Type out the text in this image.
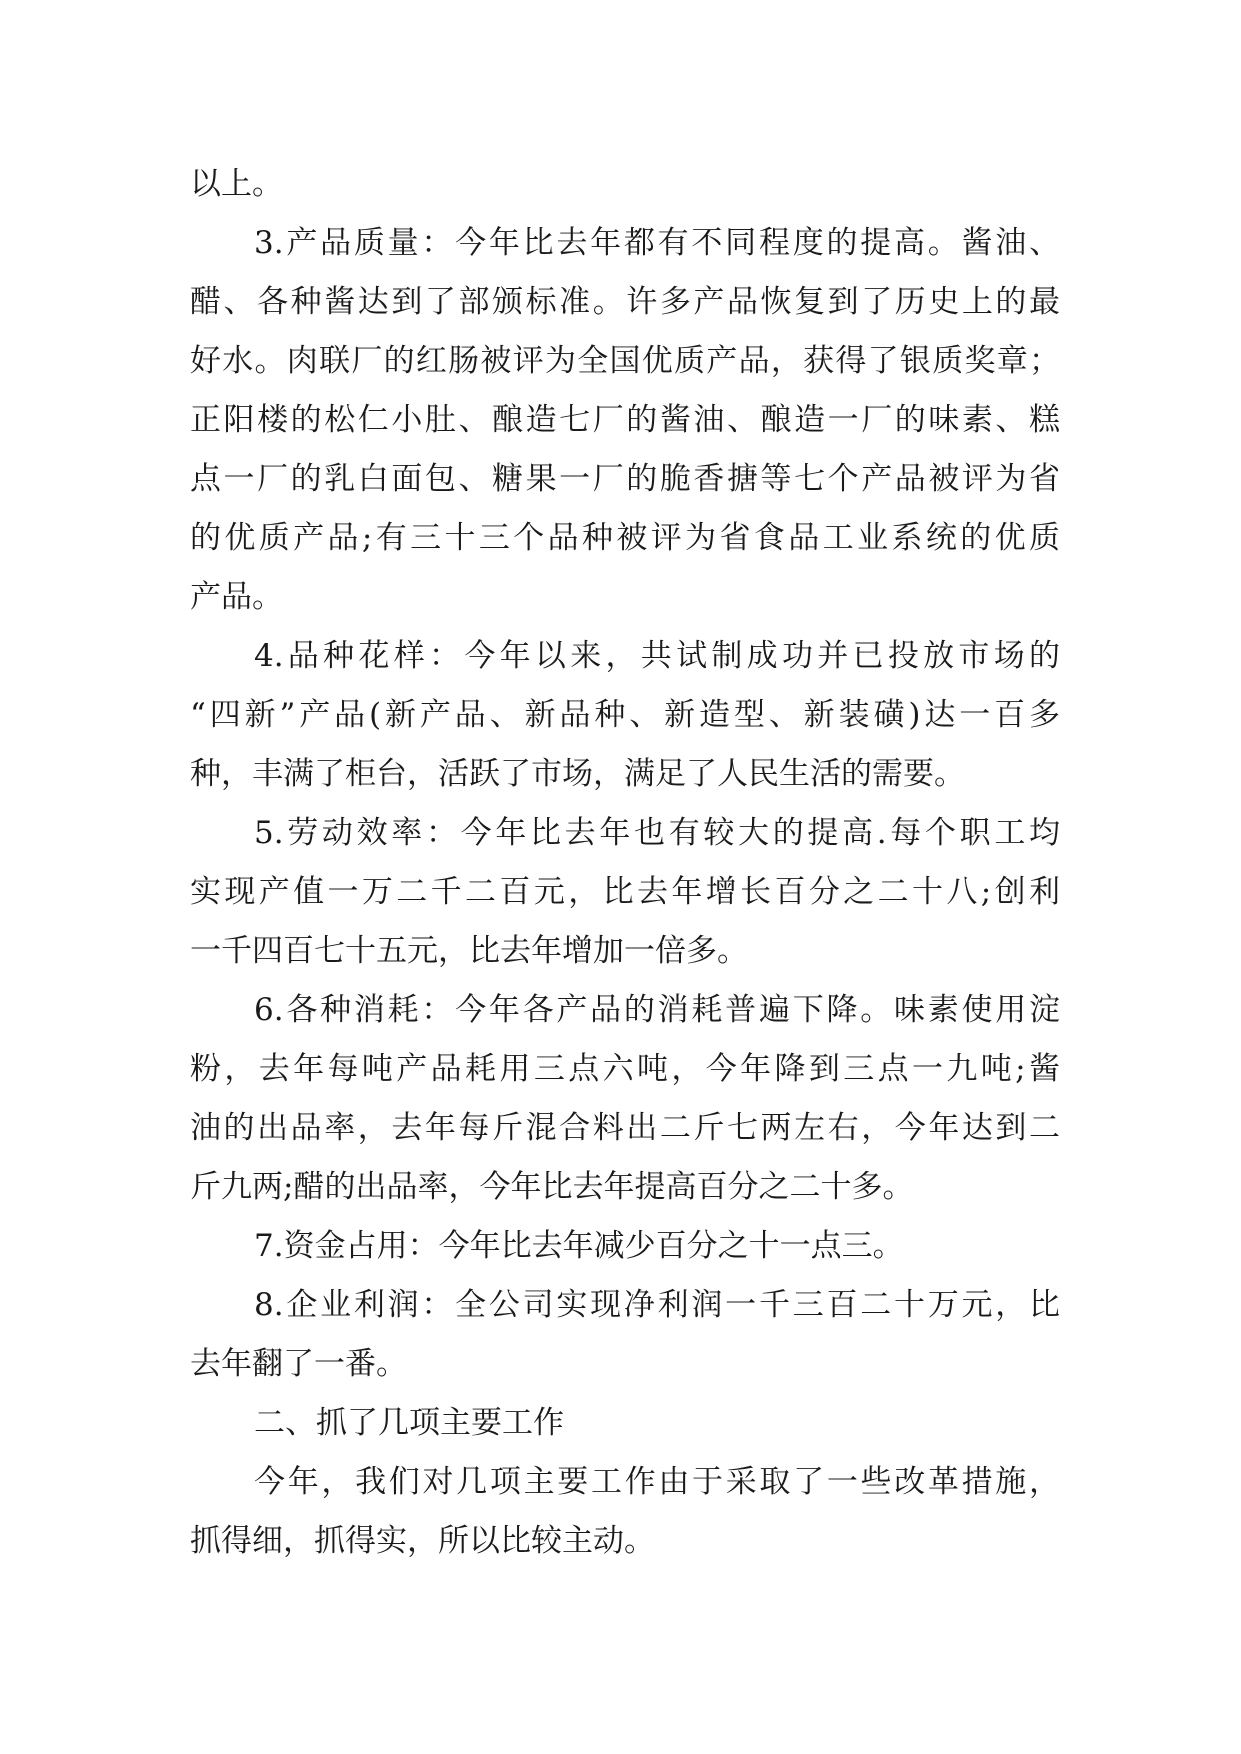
以上。
3.产品质量：今年比去年都有不同程度的提高。酱油、
醋、各种酱达到了部颁标准。许多产品恢复到了历史上的最
好水。肉联厂的红肠被评为全国优质产品，获得了银质奖章；
正阳楼的松仁小肚、酿造七厂的酱油、酿造一厂的味素、糕
点一厂的乳白面包、糖果一厂的脆香搪等七个产品被评为省
的优质产品;有三十三个品种被评为省食品工业系统的优质
产品。
4.品种花样：今年以来，共试制成功并已投放市场的
“四新”产品(新产品、新品种、新造型、新装磺)达一百多
种，丰满了柜台，活跃了市场，满足了人民生活的需要。
5.劳动效率：今年比去年也有较大的提高.每个职工均
实现产值一万二千二百元，比去年增长百分之二十八;创利
一千四百七十五元，比去年增加一倍多。
6.各种消耗：今年各产品的消耗普遍下降。味素使用淀
粉，去年每吨产品耗用三点六吨，今年降到三点一九吨;酱
油的出品率，去年每斤混合料出二斤七两左右，今年达到二
斤九两;醋的出品率，今年比去年提高百分之二十多。
7.资金占用：今年比去年减少百分之十一点三。
8.企业利润：全公司实现净利润一千三百二十万元，比
去年翻了一番。
二、抓了几项主要工作
今年，我们对几项主要工作由于采取了一些改革措施，
抓得细，抓得实，所以比较主动。
